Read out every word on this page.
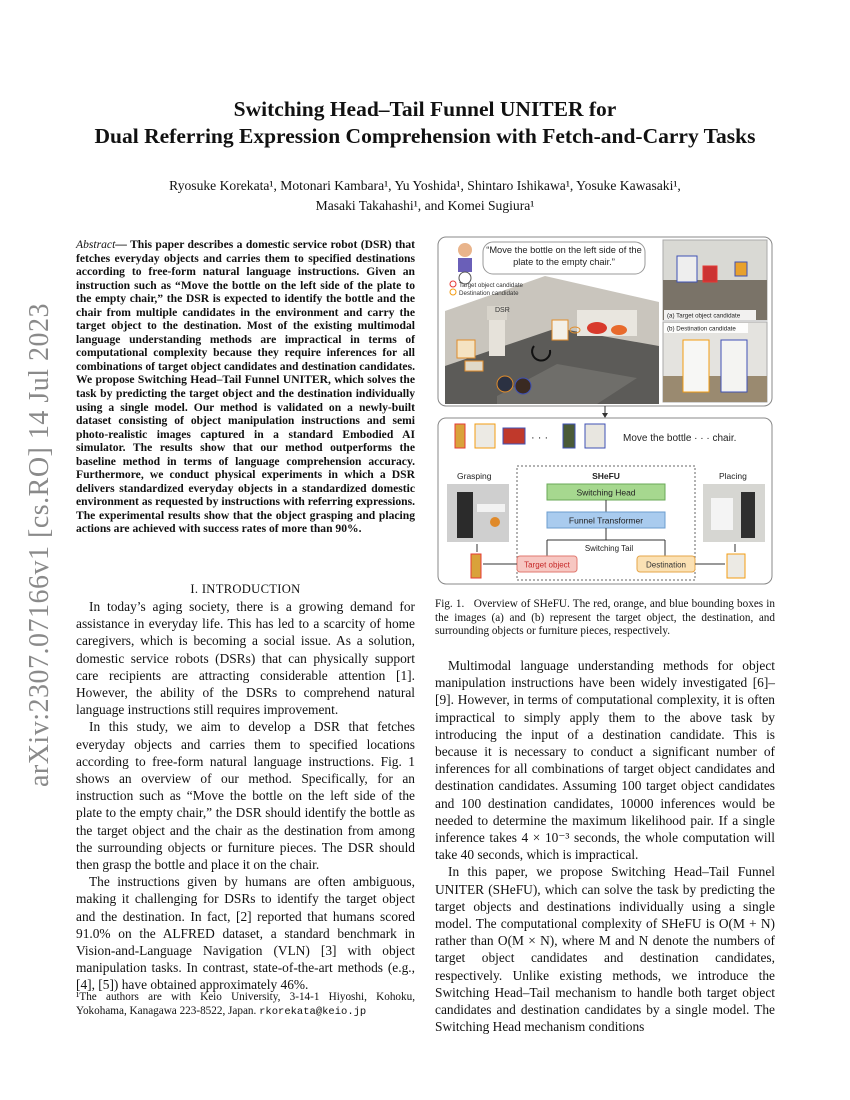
arXiv:2307.07166v1 [cs.RO] 14 Jul 2023
Switching Head–Tail Funnel UNITER for
Dual Referring Expression Comprehension with Fetch-and-Carry Tasks
Ryosuke Korekata¹, Motonari Kambara¹, Yu Yoshida¹, Shintaro Ishikawa¹, Yosuke Kawasaki¹,
Masaki Takahashi¹, and Komei Sugiura¹
Abstract— This paper describes a domestic service robot (DSR) that fetches everyday objects and carries them to specified destinations according to free-form natural language instructions. Given an instruction such as “Move the bottle on the left side of the plate to the empty chair,” the DSR is expected to identify the bottle and the chair from multiple candidates in the environment and carry the target object to the destination. Most of the existing multimodal language understanding methods are impractical in terms of computational complexity because they require inferences for all combinations of target object candidates and destination candidates. We propose Switching Head–Tail Funnel UNITER, which solves the task by predicting the target object and the destination individually using a single model. Our method is validated on a newly-built dataset consisting of object manipulation instructions and semi photo-realistic images captured in a standard Embodied AI simulator. The results show that our method outperforms the baseline method in terms of language comprehension accuracy. Furthermore, we conduct physical experiments in which a DSR delivers standardized everyday objects in a standardized domestic environment as requested by instructions with referring expressions. The experimental results show that the object grasping and placing actions are achieved with success rates of more than 90%.
I. INTRODUCTION

In today’s aging society, there is a growing demand for assistance in everyday life. This has led to a scarcity of home caregivers, which is becoming a social issue. As a solution, domestic service robots (DSRs) that can physically support care recipients are attracting considerable attention [1]. However, the ability of the DSRs to comprehend natural language instructions still requires improvement.

In this study, we aim to develop a DSR that fetches everyday objects and carries them to specified locations according to free-form natural language instructions. Fig. 1 shows an overview of our method. Specifically, for an instruction such as “Move the bottle on the left side of the plate to the empty chair,” the DSR should identify the bottle as the target object and the chair as the destination from among the surrounding objects or furniture pieces. The DSR should then grasp the bottle and place it on the chair.

The instructions given by humans are often ambiguous, making it challenging for DSRs to identify the target object and the destination. In fact, [2] reported that humans scored 91.0% on the ALFRED dataset, a standard benchmark in Vision-and-Language Navigation (VLN) [3] with object manipulation tasks. In contrast, state-of-the-art methods (e.g., [4], [5]) have obtained approximately 46%.

¹The authors are with Keio University, 3-14-1 Hiyoshi, Kohoku, Yokohama, Kanagawa 223-8522, Japan. rkorekata@keio.jp
“Move the bottle on the left side of the plate to the empty chair.”
Target object candidate
Destination candidate
DSR
(a) Target object candidate
(b) Destination candidate
· · ·	Move the bottle · · · chair.
Grasping	Placing
SHeFU
Switching Head
Funnel Transformer
Switching Tail
Target object	Destination
Fig. 1. Overview of SHeFU. The red, orange, and blue bounding boxes in the images (a) and (b) represent the target object, the destination, and surrounding objects or furniture pieces, respectively.

Multimodal language understanding methods for object manipulation instructions have been widely investigated [6]–[9]. However, in terms of computational complexity, it is often impractical to simply apply them to the above task by introducing the input of a destination candidate. This is because it is necessary to conduct a significant number of inferences for all combinations of target object candidates and destination candidates. Assuming 100 target object candidates and 100 destination candidates, 10000 inferences would be needed to determine the maximum likelihood pair. If a single inference takes 4 × 10⁻³ seconds, the whole computation will take 40 seconds, which is impractical.

In this paper, we propose Switching Head–Tail Funnel UNITER (SHeFU), which can solve the task by predicting the target objects and destinations individually using a single model. The computational complexity of SHeFU is O(M + N) rather than O(M × N), where M and N denote the numbers of target object candidates and destination candidates, respectively. Unlike existing methods, we introduce the Switching Head–Tail mechanism to handle both target object candidates and destination candidates by a single model. The Switching Head mechanism conditions
